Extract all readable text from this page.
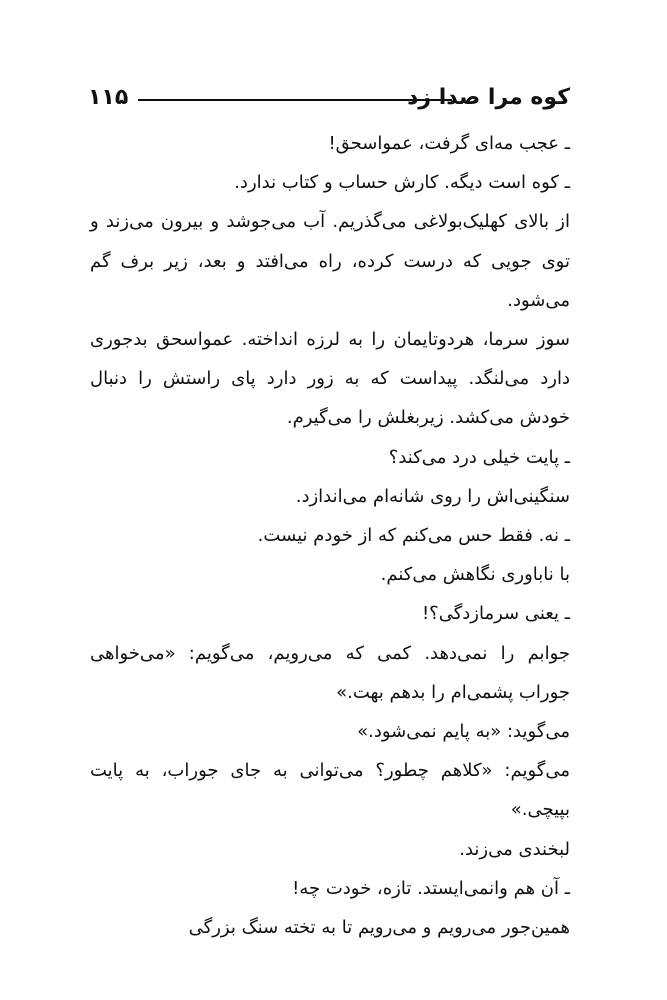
کوه مرا صدا زد
۱۱۵

ـ عجب مه‌ای گرفت، عمواسحق!

ـ کوه است دیگه. کارش حساب و کتاب ندارد.

از بالای کهلیک‌بولاغی می‌گذریم. آب می‌جوشد و بیرون می‌زند و توی جویی که درست کرده، راه می‌افتد و بعد، زیر برف گم می‌شود.

سوز سرما، هردوتایمان را به لرزه انداخته. عمواسحق بدجوری دارد می‌لنگد. پیداست که به زور دارد پای راستش را دنبال خودش می‌کشد. زیربغلش را می‌گیرم.

ـ پایت خیلی درد می‌کند؟

سنگینی‌اش را روی شانه‌ام می‌اندازد.

ـ نه. فقط حس می‌کنم که از خودم نیست.

با ناباوری نگاهش می‌کنم.

ـ یعنی سرمازدگی؟!

جوابم را نمی‌دهد. کمی که می‌رویم، می‌گویم: «می‌خواهی جوراب پشمی‌ام را بدهم بهت.»

می‌گوید: «به پایم نمی‌شود.»

می‌گویم: «کلاهم چطور؟ می‌توانی به جای جوراب، به پایت بپیچی.»

لبخندی می‌زند.

ـ آن هم وانمی‌ایستد. تازه، خودت چه!

همین‌جور می‌رویم و می‌رویم تا به تخته سنگ بزرگی
